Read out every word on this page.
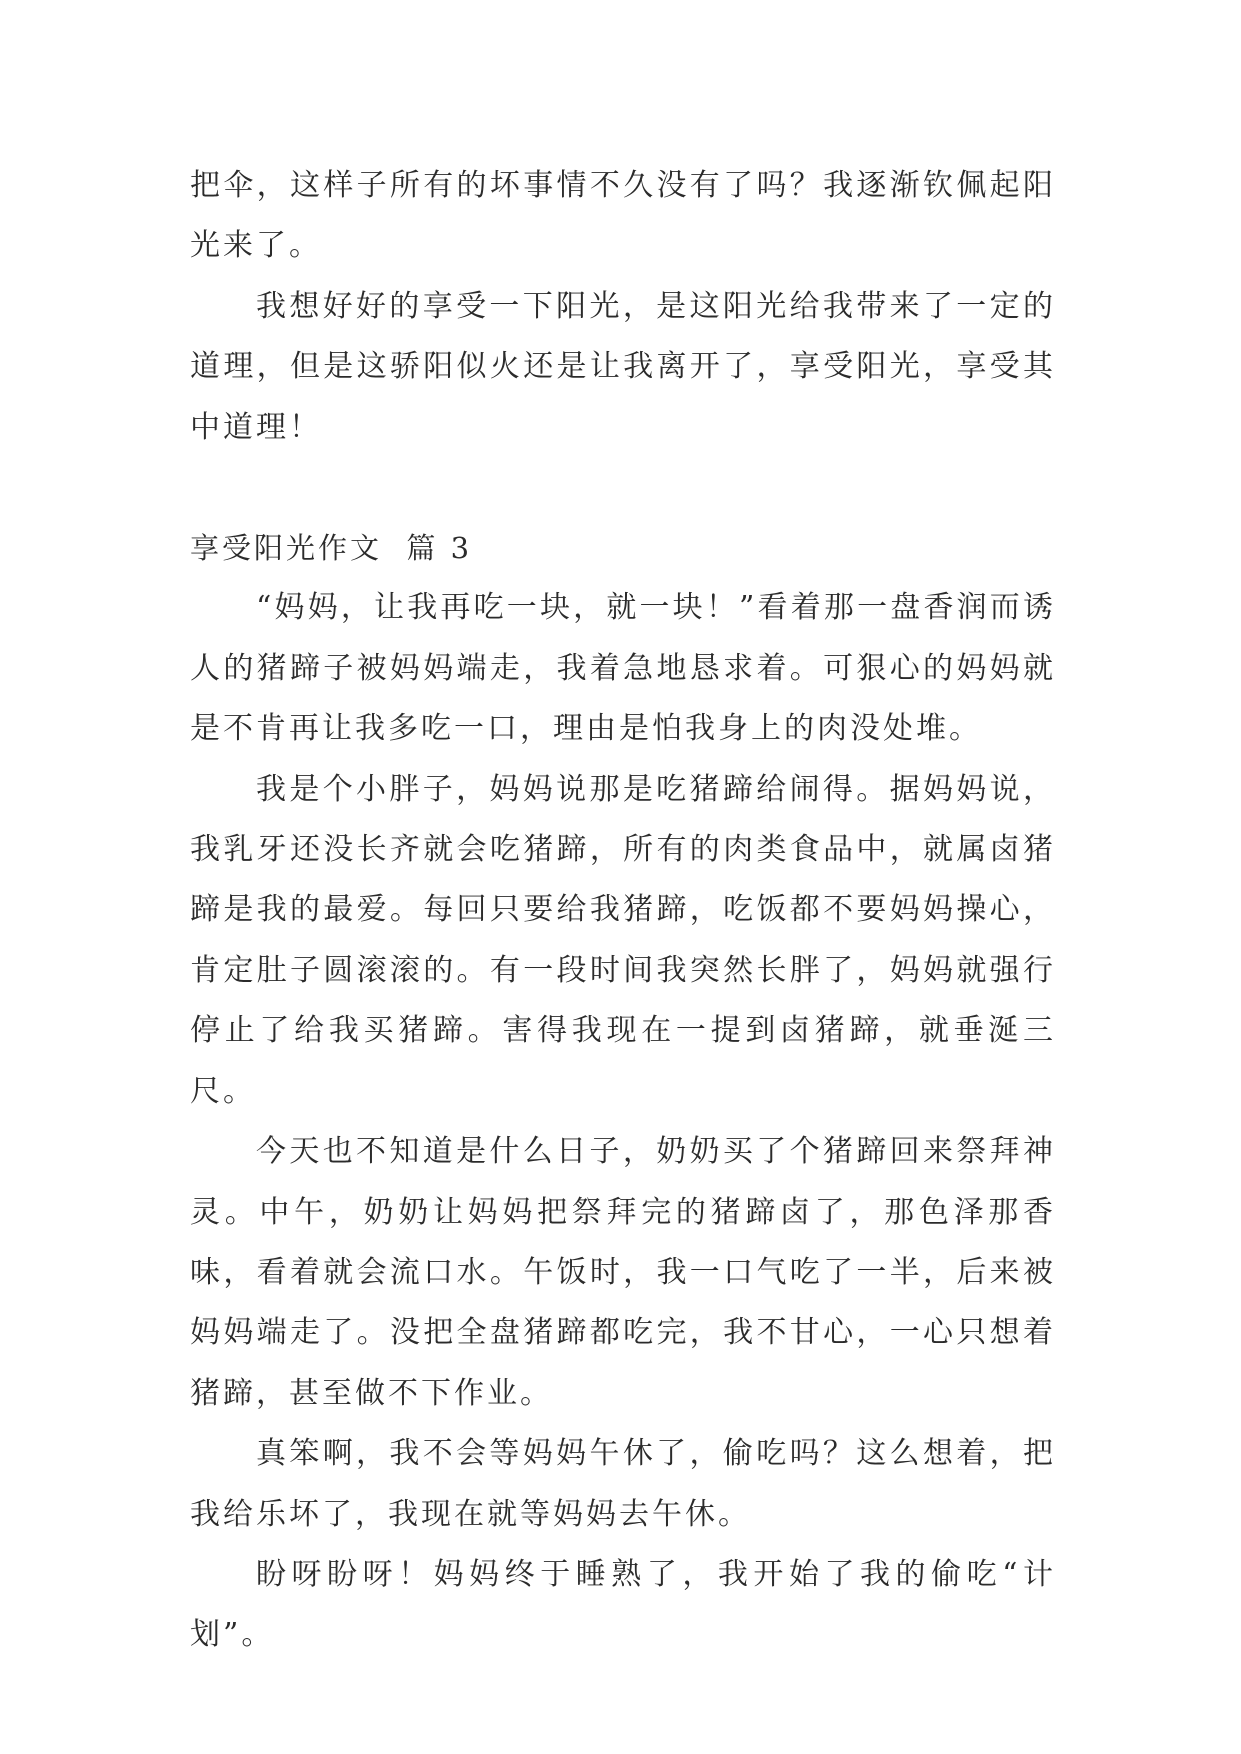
把伞，这样子所有的坏事情不久没有了吗？我逐渐钦佩起阳光来了。

我想好好的享受一下阳光，是这阳光给我带来了一定的道理，但是这骄阳似火还是让我离开了，享受阳光，享受其中道理！

享受阳光作文  篇 3

“妈妈，让我再吃一块，就一块！”看着那一盘香润而诱人的猪蹄子被妈妈端走，我着急地恳求着。可狠心的妈妈就是不肯再让我多吃一口，理由是怕我身上的肉没处堆。

我是个小胖子，妈妈说那是吃猪蹄给闹得。据妈妈说，我乳牙还没长齐就会吃猪蹄，所有的肉类食品中，就属卤猪蹄是我的最爱。每回只要给我猪蹄，吃饭都不要妈妈操心，肯定肚子圆滚滚的。有一段时间我突然长胖了，妈妈就强行停止了给我买猪蹄。害得我现在一提到卤猪蹄，就垂涎三尺。

今天也不知道是什么日子，奶奶买了个猪蹄回来祭拜神灵。中午，奶奶让妈妈把祭拜完的猪蹄卤了，那色泽那香味，看着就会流口水。午饭时，我一口气吃了一半，后来被妈妈端走了。没把全盘猪蹄都吃完，我不甘心，一心只想着猪蹄，甚至做不下作业。

真笨啊，我不会等妈妈午休了，偷吃吗？这么想着，把我给乐坏了，我现在就等妈妈去午休。

盼呀盼呀！妈妈终于睡熟了，我开始了我的偷吃“计划”。
